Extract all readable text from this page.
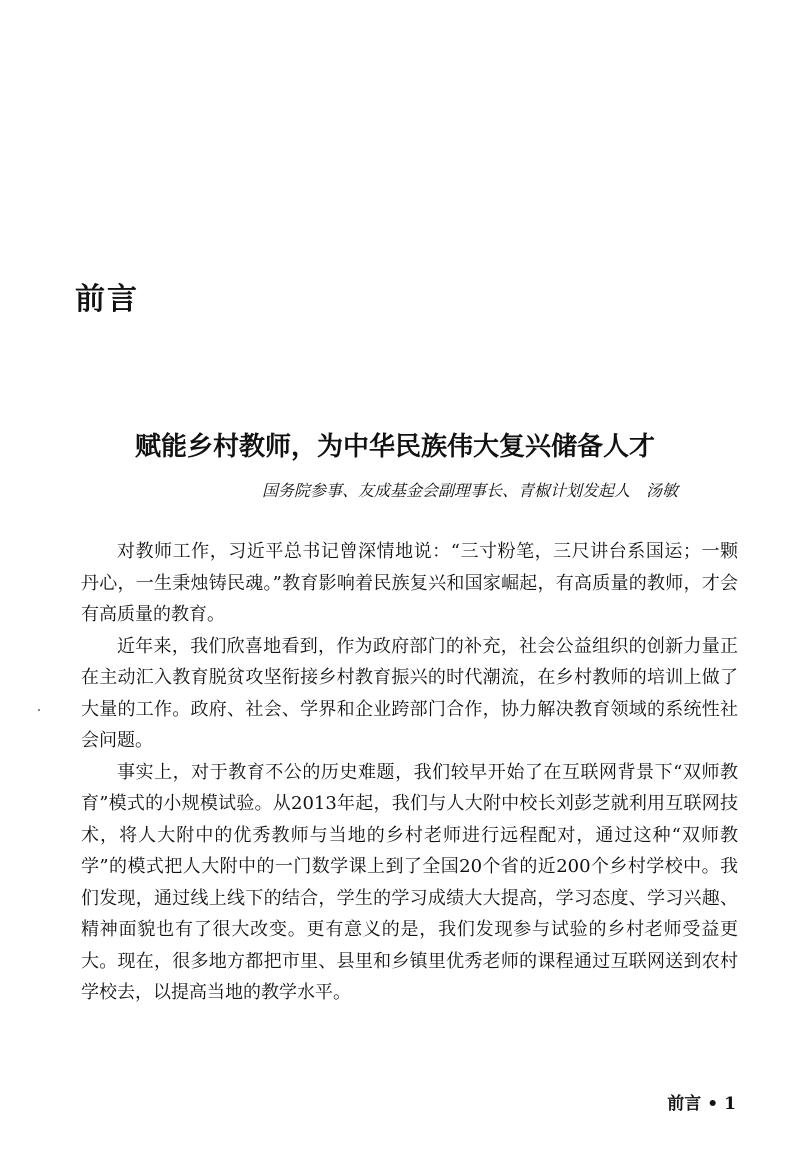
前言
赋能乡村教师，为中华民族伟大复兴储备人才

国务院参事、友成基金会副理事长、青椒计划发起人　汤敏

对教师工作，习近平总书记曾深情地说：“三寸粉笔，三尺讲台系国运；一颗丹心，一生秉烛铸民魂。”教育影响着民族复兴和国家崛起，有高质量的教师，才会有高质量的教育。

近年来，我们欣喜地看到，作为政府部门的补充，社会公益组织的创新力量正在主动汇入教育脱贫攻坚衔接乡村教育振兴的时代潮流，在乡村教师的培训上做了大量的工作。政府、社会、学界和企业跨部门合作，协力解决教育领域的系统性社会问题。

事实上，对于教育不公的历史难题，我们较早开始了在互联网背景下“双师教育”模式的小规模试验。从2013年起，我们与人大附中校长刘彭芝就利用互联网技术，将人大附中的优秀教师与当地的乡村老师进行远程配对，通过这种“双师教学”的模式把人大附中的一门数学课上到了全国20个省的近200个乡村学校中。我们发现，通过线上线下的结合，学生的学习成绩大大提高，学习态度、学习兴趣、精神面貌也有了很大改变。更有意义的是，我们发现参与试验的乡村老师受益更大。现在，很多地方都把市里、县里和乡镇里优秀老师的课程通过互联网送到农村学校去，以提高当地的教学水平。

前言 • 1
